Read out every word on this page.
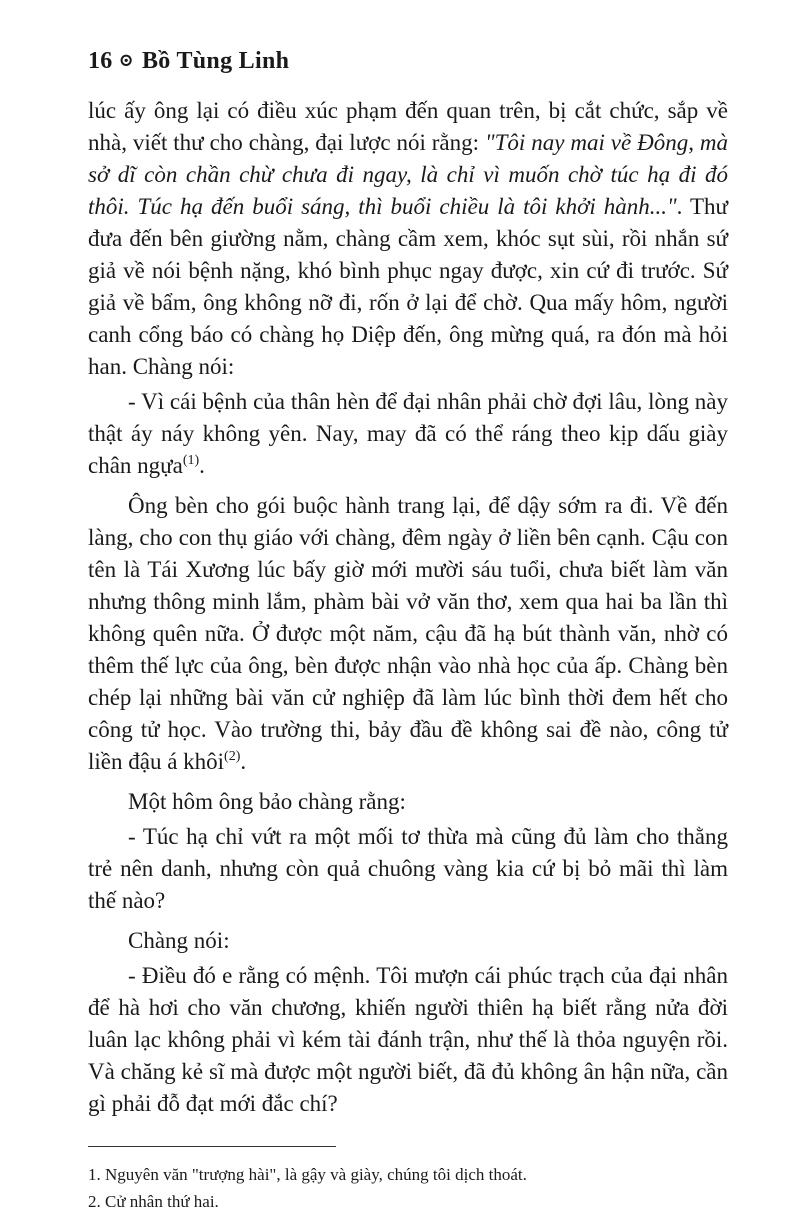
16 ⊙ Bồ Tùng Linh

lúc ấy ông lại có điều xúc phạm đến quan trên, bị cắt chức, sắp về nhà, viết thư cho chàng, đại lược nói rằng: "Tôi nay mai về Đông, mà sở dĩ còn chần chừ chưa đi ngay, là chỉ vì muốn chờ túc hạ đi đó thôi. Túc hạ đến buổi sáng, thì buổi chiều là tôi khởi hành...". Thư đưa đến bên giường nằm, chàng cầm xem, khóc sụt sùi, rồi nhắn sứ giả về nói bệnh nặng, khó bình phục ngay được, xin cứ đi trước. Sứ giả về bẩm, ông không nỡ đi, rốn ở lại để chờ. Qua mấy hôm, người canh cổng báo có chàng họ Diệp đến, ông mừng quá, ra đón mà hỏi han. Chàng nói:

- Vì cái bệnh của thân hèn để đại nhân phải chờ đợi lâu, lòng này thật áy náy không yên. Nay, may đã có thể ráng theo kịp dấu giày chân ngựa$^{(1)}$.

Ông bèn cho gói buộc hành trang lại, để dậy sớm ra đi. Về đến làng, cho con thụ giáo với chàng, đêm ngày ở liền bên cạnh. Cậu con tên là Tái Xương lúc bấy giờ mới mười sáu tuổi, chưa biết làm văn nhưng thông minh lắm, phàm bài vở văn thơ, xem qua hai ba lần thì không quên nữa. Ở được một năm, cậu đã hạ bút thành văn, nhờ có thêm thế lực của ông, bèn được nhận vào nhà học của ấp. Chàng bèn chép lại những bài văn cử nghiệp đã làm lúc bình thời đem hết cho công tử học. Vào trường thi, bảy đầu đề không sai đề nào, công tử liền đậu á khôi$^{(2)}$.

Một hôm ông bảo chàng rằng:

- Túc hạ chỉ vứt ra một mối tơ thừa mà cũng đủ làm cho thằng trẻ nên danh, nhưng còn quả chuông vàng kia cứ bị bỏ mãi thì làm thế nào?

Chàng nói:

- Điều đó e rằng có mệnh. Tôi mượn cái phúc trạch của đại nhân để hà hơi cho văn chương, khiến người thiên hạ biết rằng nửa đời luân lạc không phải vì kém tài đánh trận, như thế là thỏa nguyện rồi. Và chăng kẻ sĩ mà được một người biết, đã đủ không ân hận nữa, cần gì phải đỗ đạt mới đắc chí?

1. Nguyên văn "trượng hài", là gậy và giày, chúng tôi dịch thoát.

2. Cử nhân thứ hai.
